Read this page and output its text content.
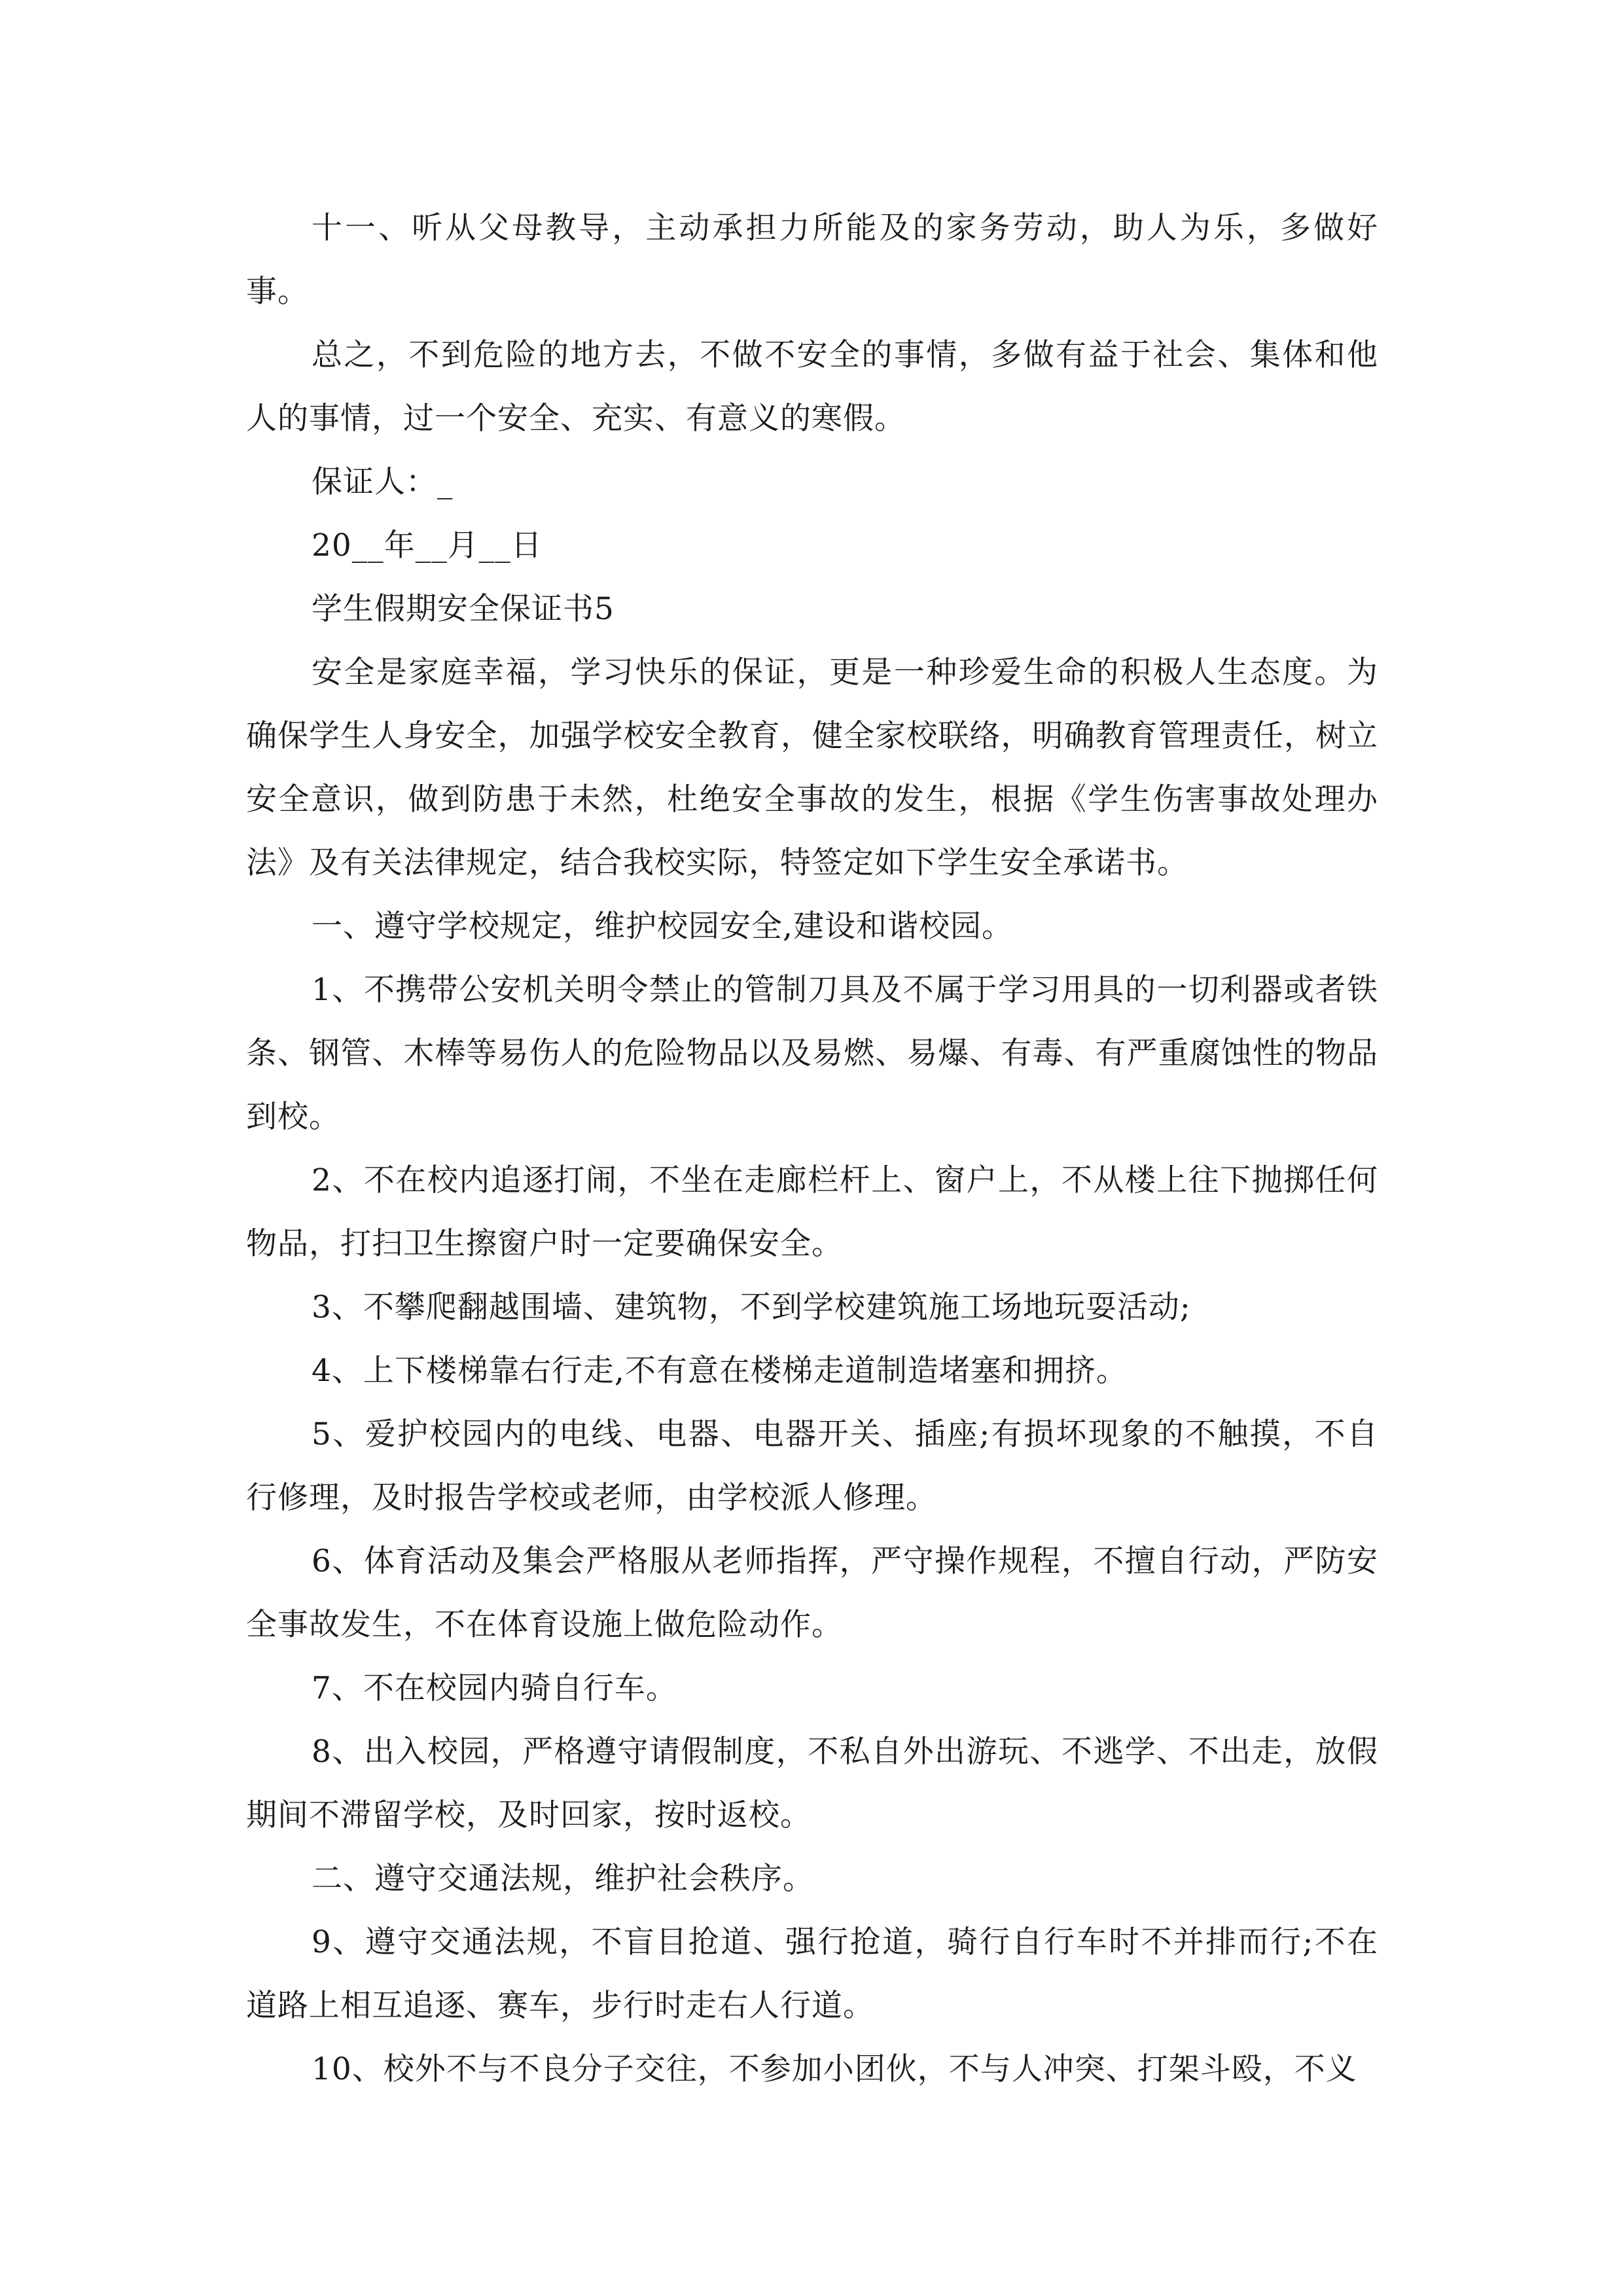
十一、听从父母教导，主动承担力所能及的家务劳动，助人为乐，多做好事。

总之，不到危险的地方去，不做不安全的事情，多做有益于社会、集体和他人的事情，过一个安全、充实、有意义的寒假。

保证人：_

20__年__月__日

学生假期安全保证书5

安全是家庭幸福，学习快乐的保证，更是一种珍爱生命的积极人生态度。为确保学生人身安全，加强学校安全教育，健全家校联络，明确教育管理责任，树立安全意识，做到防患于未然，杜绝安全事故的发生，根据《学生伤害事故处理办法》及有关法律规定，结合我校实际，特签定如下学生安全承诺书。

一、遵守学校规定，维护校园安全,建设和谐校园。

1、不携带公安机关明令禁止的管制刀具及不属于学习用具的一切利器或者铁条、钢管、木棒等易伤人的危险物品以及易燃、易爆、有毒、有严重腐蚀性的物品到校。

2、不在校内追逐打闹，不坐在走廊栏杆上、窗户上，不从楼上往下抛掷任何物品，打扫卫生擦窗户时一定要确保安全。

3、不攀爬翻越围墙、建筑物，不到学校建筑施工场地玩耍活动;

4、上下楼梯靠右行走,不有意在楼梯走道制造堵塞和拥挤。

5、爱护校园内的电线、电器、电器开关、插座;有损坏现象的不触摸，不自行修理，及时报告学校或老师，由学校派人修理。

6、体育活动及集会严格服从老师指挥，严守操作规程，不擅自行动，严防安全事故发生，不在体育设施上做危险动作。

7、不在校园内骑自行车。

8、出入校园，严格遵守请假制度，不私自外出游玩、不逃学、不出走，放假期间不滞留学校，及时回家，按时返校。

二、遵守交通法规，维护社会秩序。

9、遵守交通法规，不盲目抢道、强行抢道，骑行自行车时不并排而行;不在道路上相互追逐、赛车，步行时走右人行道。

10、校外不与不良分子交往，不参加小团伙，不与人冲突、打架斗殴，不义
